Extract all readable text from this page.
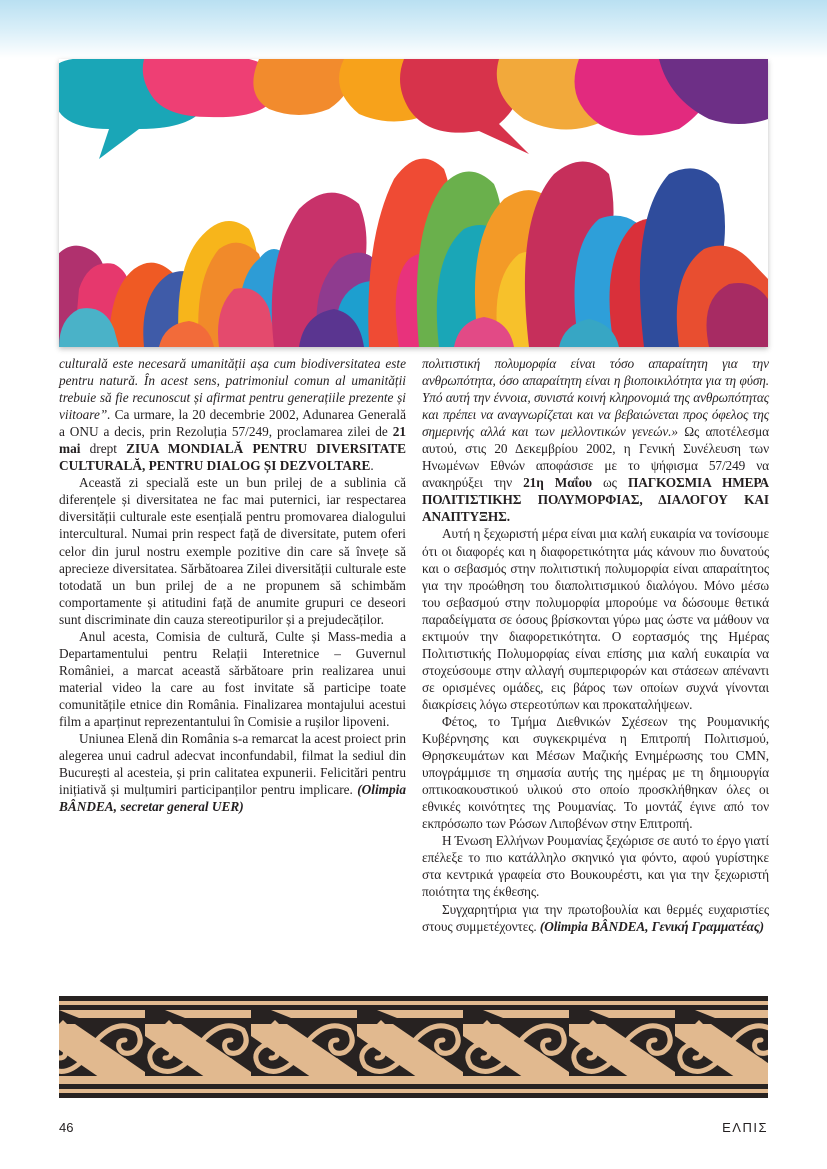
culturală este necesară umanității așa cum biodiversitatea este pentru natură. În acest sens, patrimoniul comun al umanității trebuie să fie recunoscut și afirmat pentru generațiile prezente și viitoare”. Ca urmare, la 20 decembrie 2002, Adunarea Generală a ONU a decis, prin Rezoluția 57/249, proclamarea zilei de 21 mai drept ZIUA MONDIALĂ PENTRU DIVERSITATE CULTURALĂ, PENTRU DIALOG ȘI DEZVOLTARE.

Această zi specială este un bun prilej de a sublinia că diferențele și diversitatea ne fac mai puternici, iar respectarea diversității culturale este esențială pentru promovarea dialogului intercultural. Numai prin respect față de diversitate, putem oferi celor din jurul nostru exemple pozitive din care să învețe să aprecieze diversitatea. Sărbătoarea Zilei diversității culturale este totodată un bun prilej de a ne propunem să schimbăm comportamente și atitudini față de anumite grupuri ce deseori sunt discriminate din cauza stereotipurilor și a prejudecăților.

Anul acesta, Comisia de cultură, Culte și Mass-media a Departamentului pentru Relații Interetnice – Guvernul României, a marcat această sărbătoare prin realizarea unui material video la care au fost invitate să participe toate comunitățile etnice din România. Finalizarea montajului acestui film a aparținut reprezentantului în Comisie a rușilor lipoveni.

Uniunea Elenă din România s-a remarcat la acest proiect prin alegerea unui cadrul adecvat inconfundabil, filmat la sediul din București al acesteia, și prin calitatea expunerii. Felicitări pentru inițiativă și mulțumiri participanților pentru implicare. (Olimpia BÂNDEA, secretar general UER)

πολιτιστική πολυμορφία είναι τόσο απαραίτητη για την ανθρωπότητα, όσο απαραίτητη είναι η βιοποικιλότητα για τη φύση. Υπό αυτή την έννοια, συνιστά κοινή κληρονομιά της ανθρωπότητας και πρέπει να αναγνωρίζεται και να βεβαιώνεται προς όφελος της σημερινής αλλά και των μελλοντικών γενεών.» Ως αποτέλεσμα αυτού, στις 20 Δεκεμβρίου 2002, η Γενική Συνέλευση των Ηνωμένων Εθνών αποφάσισε με το ψήφισμα 57/249 να ανακηρύξει την 21η Μαΐου ως ΠΑΓΚΟΣΜΙΑ ΗΜΕΡΑ ΠΟΛΙΤΙΣΤΙΚΗΣ ΠΟΛΥΜΟΡΦΙΑΣ, ΔΙΑΛΟΓΟΥ ΚΑΙ ΑΝΑΠΤΥΞΗΣ.

Αυτή η ξεχωριστή μέρα είναι μια καλή ευκαιρία να τονίσουμε ότι οι διαφορές και η διαφορετικότητα μάς κάνουν πιο δυνατούς και ο σεβασμός στην πολιτιστική πολυμορφία είναι απαραίτητος για την προώθηση του διαπολιτισμικού διαλόγου. Μόνο μέσω του σεβασμού στην πολυμορφία μπορούμε να δώσουμε θετικά παραδείγματα σε όσους βρίσκονται γύρω μας ώστε να μάθουν να εκτιμούν την διαφορετικότητα. Ο εορτασμός της Ημέρας Πολιτιστικής Πολυμορφίας είναι επίσης μια καλή ευκαιρία να στοχεύσουμε στην αλλαγή συμπεριφορών και στάσεων απέναντι σε ορισμένες ομάδες, εις βάρος των οποίων συχνά γίνονται διακρίσεις λόγω στερεοτύπων και προκαταλήψεων.

Φέτος, το Τμήμα Διεθνικών Σχέσεων της Ρουμανικής Κυβέρνησης και συγκεκριμένα η Επιτροπή Πολιτισμού, Θρησκευμάτων και Μέσων Μαζικής Ενημέρωσης του CMN, υπογράμμισε τη σημασία αυτής της ημέρας με τη δημιουργία οπτικοακουστικού υλικού στο οποίο προσκλήθηκαν όλες οι εθνικές κοινότητες της Ρουμανίας. Το μοντάζ έγινε από τον εκπρόσωπο των Ρώσων Λιποβένων στην Επιτροπή.

Η Ένωση Ελλήνων Ρουμανίας ξεχώρισε σε αυτό το έργο γιατί επέλεξε το πιο κατάλληλο σκηνικό για φόντο, αφού γυρίστηκε στα κεντρικά γραφεία στο Βουκουρέστι, και για την ξεχωριστή ποιότητα της έκθεσης.

Συγχαρητήρια για την πρωτοβουλία και θερμές ευχαριστίες στους συμμετέχοντες. (Olimpia BÂNDEA, Γενική Γραμματέας)

46	ΕΛΠΙΣ
